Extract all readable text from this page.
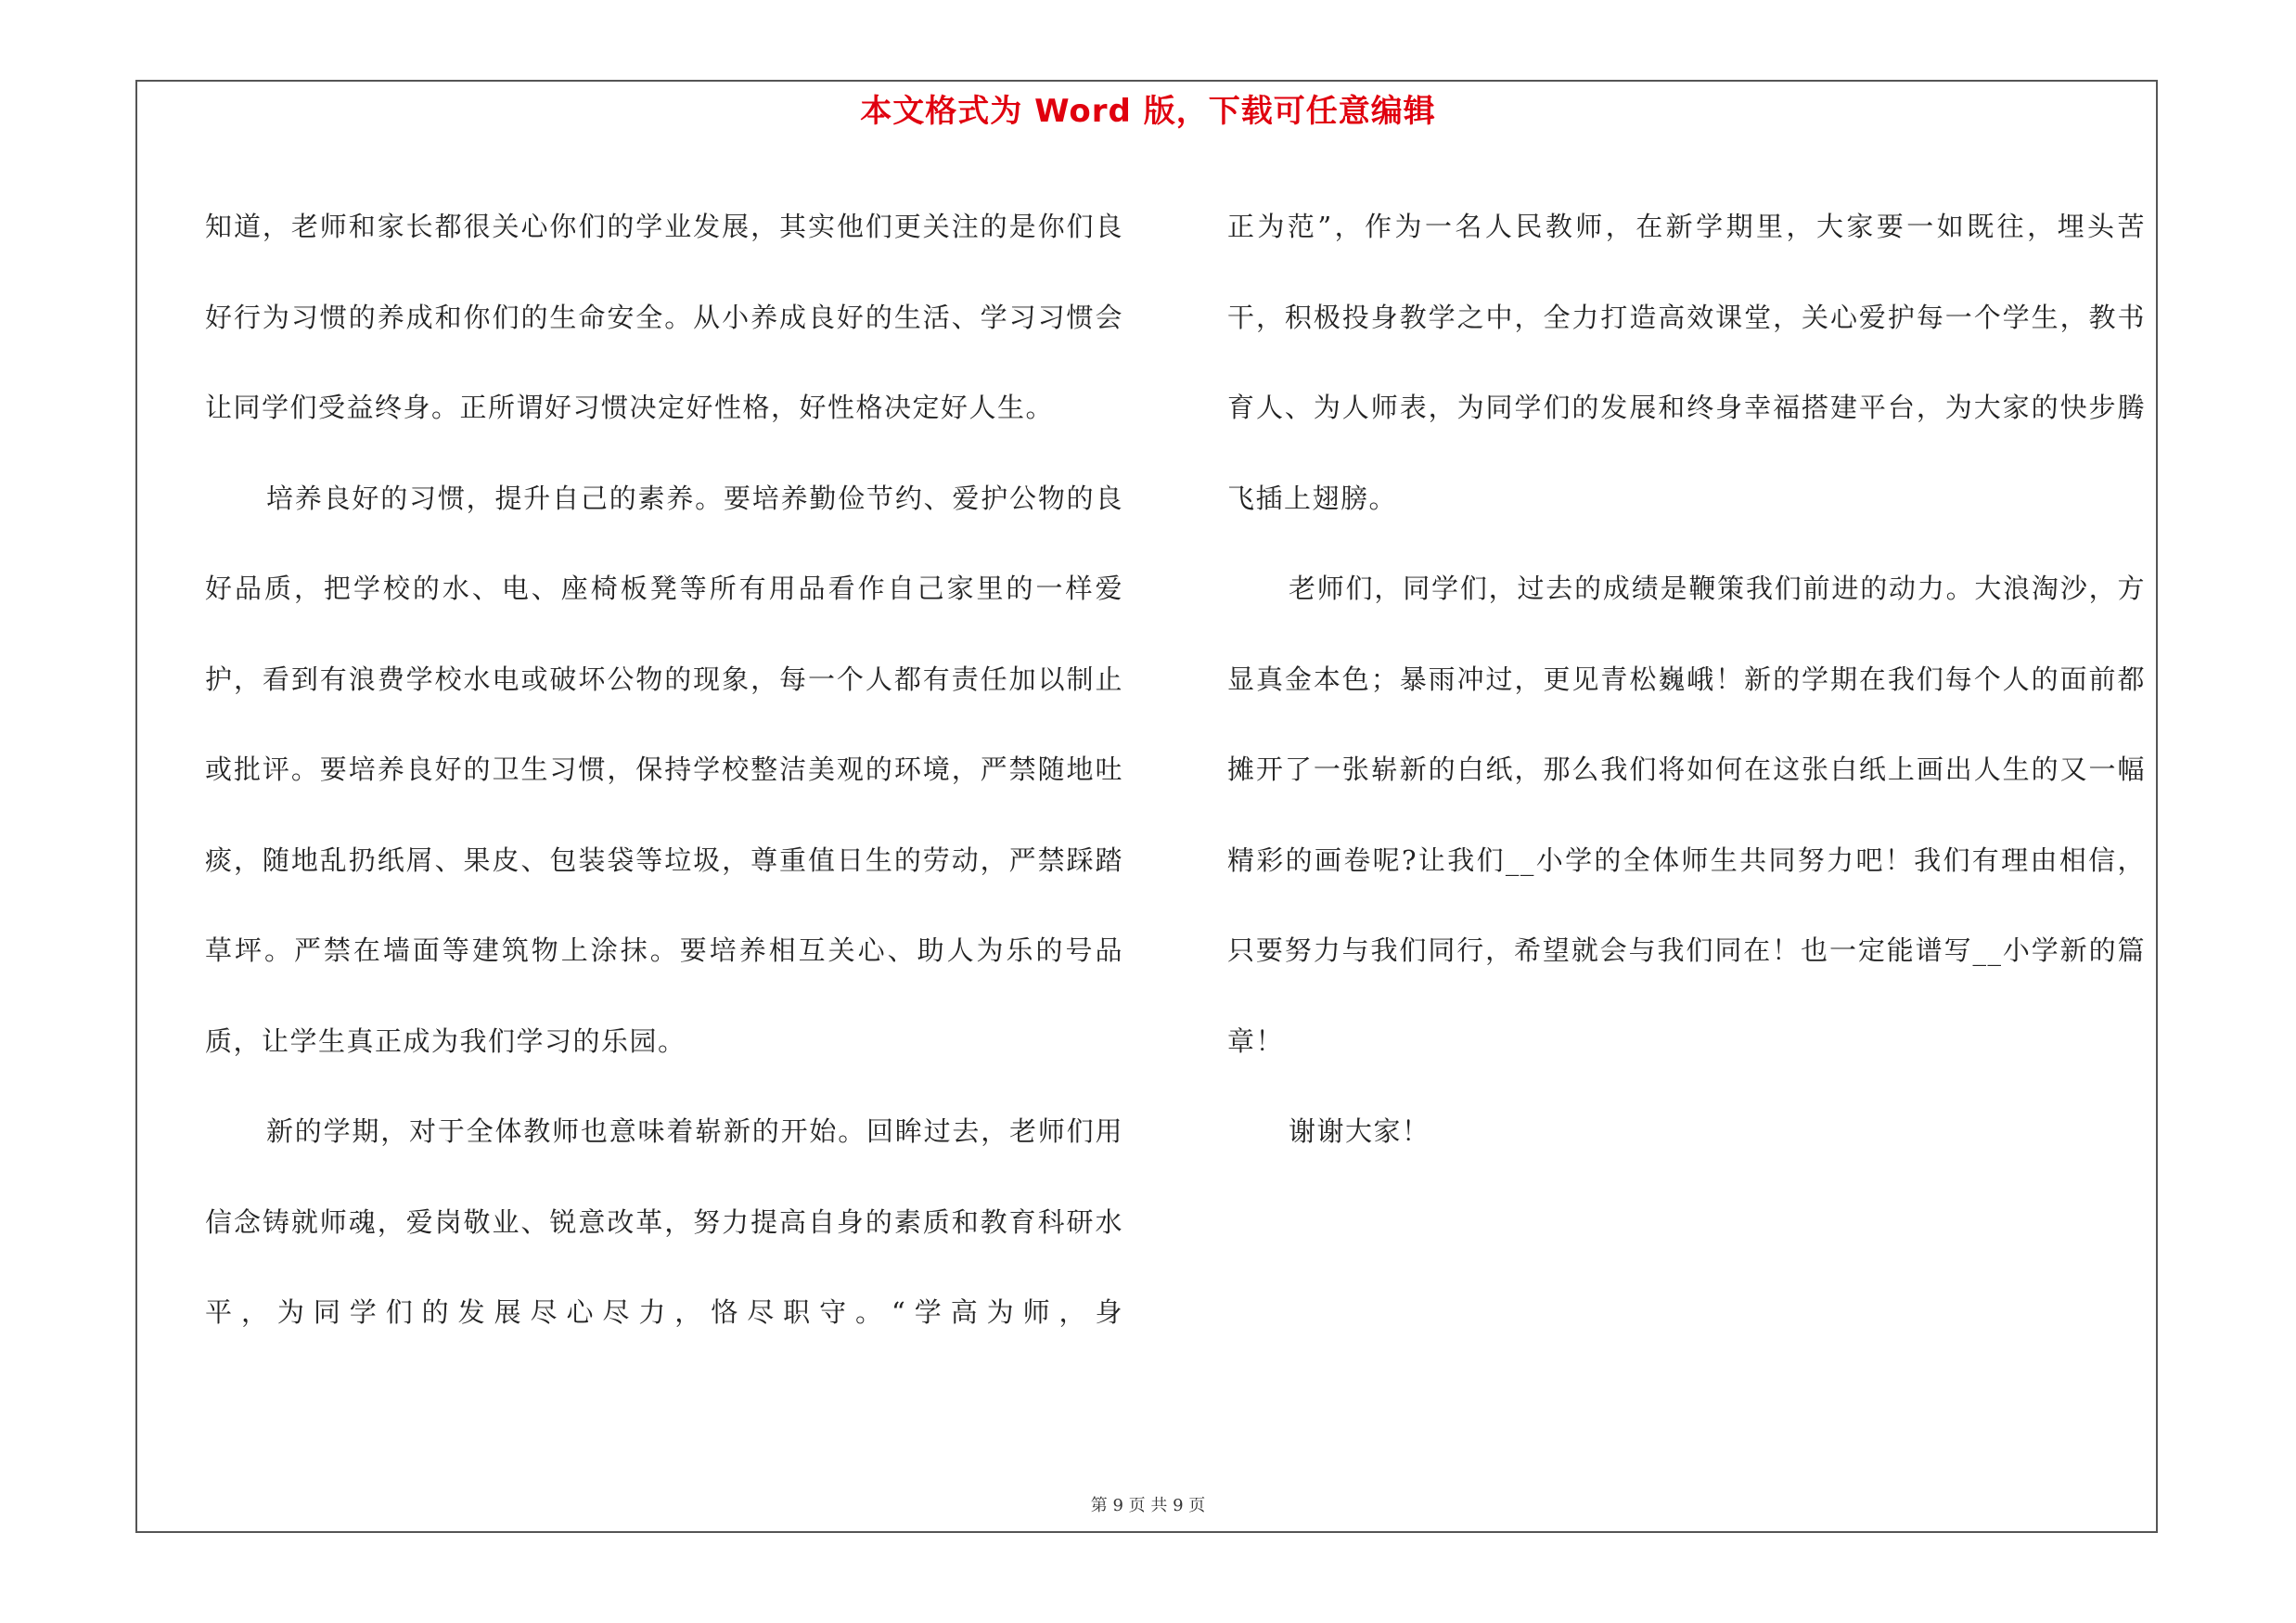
本文格式为 Word 版，下载可任意编辑

知道，老师和家长都很关心你们的学业发展，其实他们更关注的是你们良好行为习惯的养成和你们的生命安全。从小养成良好的生活、学习习惯会让同学们受益终身。正所谓好习惯决定好性格，好性格决定好人生。

培养良好的习惯，提升自己的素养。要培养勤俭节约、爱护公物的良好品质，把学校的水、电、座椅板凳等所有用品看作自己家里的一样爱护，看到有浪费学校水电或破坏公物的现象，每一个人都有责任加以制止或批评。要培养良好的卫生习惯，保持学校整洁美观的环境，严禁随地吐痰，随地乱扔纸屑、果皮、包装袋等垃圾，尊重值日生的劳动，严禁踩踏草坪。严禁在墙面等建筑物上涂抹。要培养相互关心、助人为乐的号品质，让学生真正成为我们学习的乐园。

新的学期，对于全体教师也意味着崭新的开始。回眸过去，老师们用信念铸就师魂，爱岗敬业、锐意改革，努力提高自身的素质和教育科研水平，为同学们的发展尽心尽力，恪尽职守。“学高为师，身

正为范”，作为一名人民教师，在新学期里，大家要一如既往，埋头苦干，积极投身教学之中，全力打造高效课堂，关心爱护每一个学生，教书育人、为人师表，为同学们的发展和终身幸福搭建平台，为大家的快步腾飞插上翅膀。

老师们，同学们，过去的成绩是鞭策我们前进的动力。大浪淘沙，方显真金本色；暴雨冲过，更见青松巍峨！新的学期在我们每个人的面前都摊开了一张崭新的白纸，那么我们将如何在这张白纸上画出人生的又一幅精彩的画卷呢?让我们__小学的全体师生共同努力吧！我们有理由相信，只要努力与我们同行，希望就会与我们同在！也一定能谱写__小学新的篇章！

谢谢大家！

第 9 页 共 9 页
